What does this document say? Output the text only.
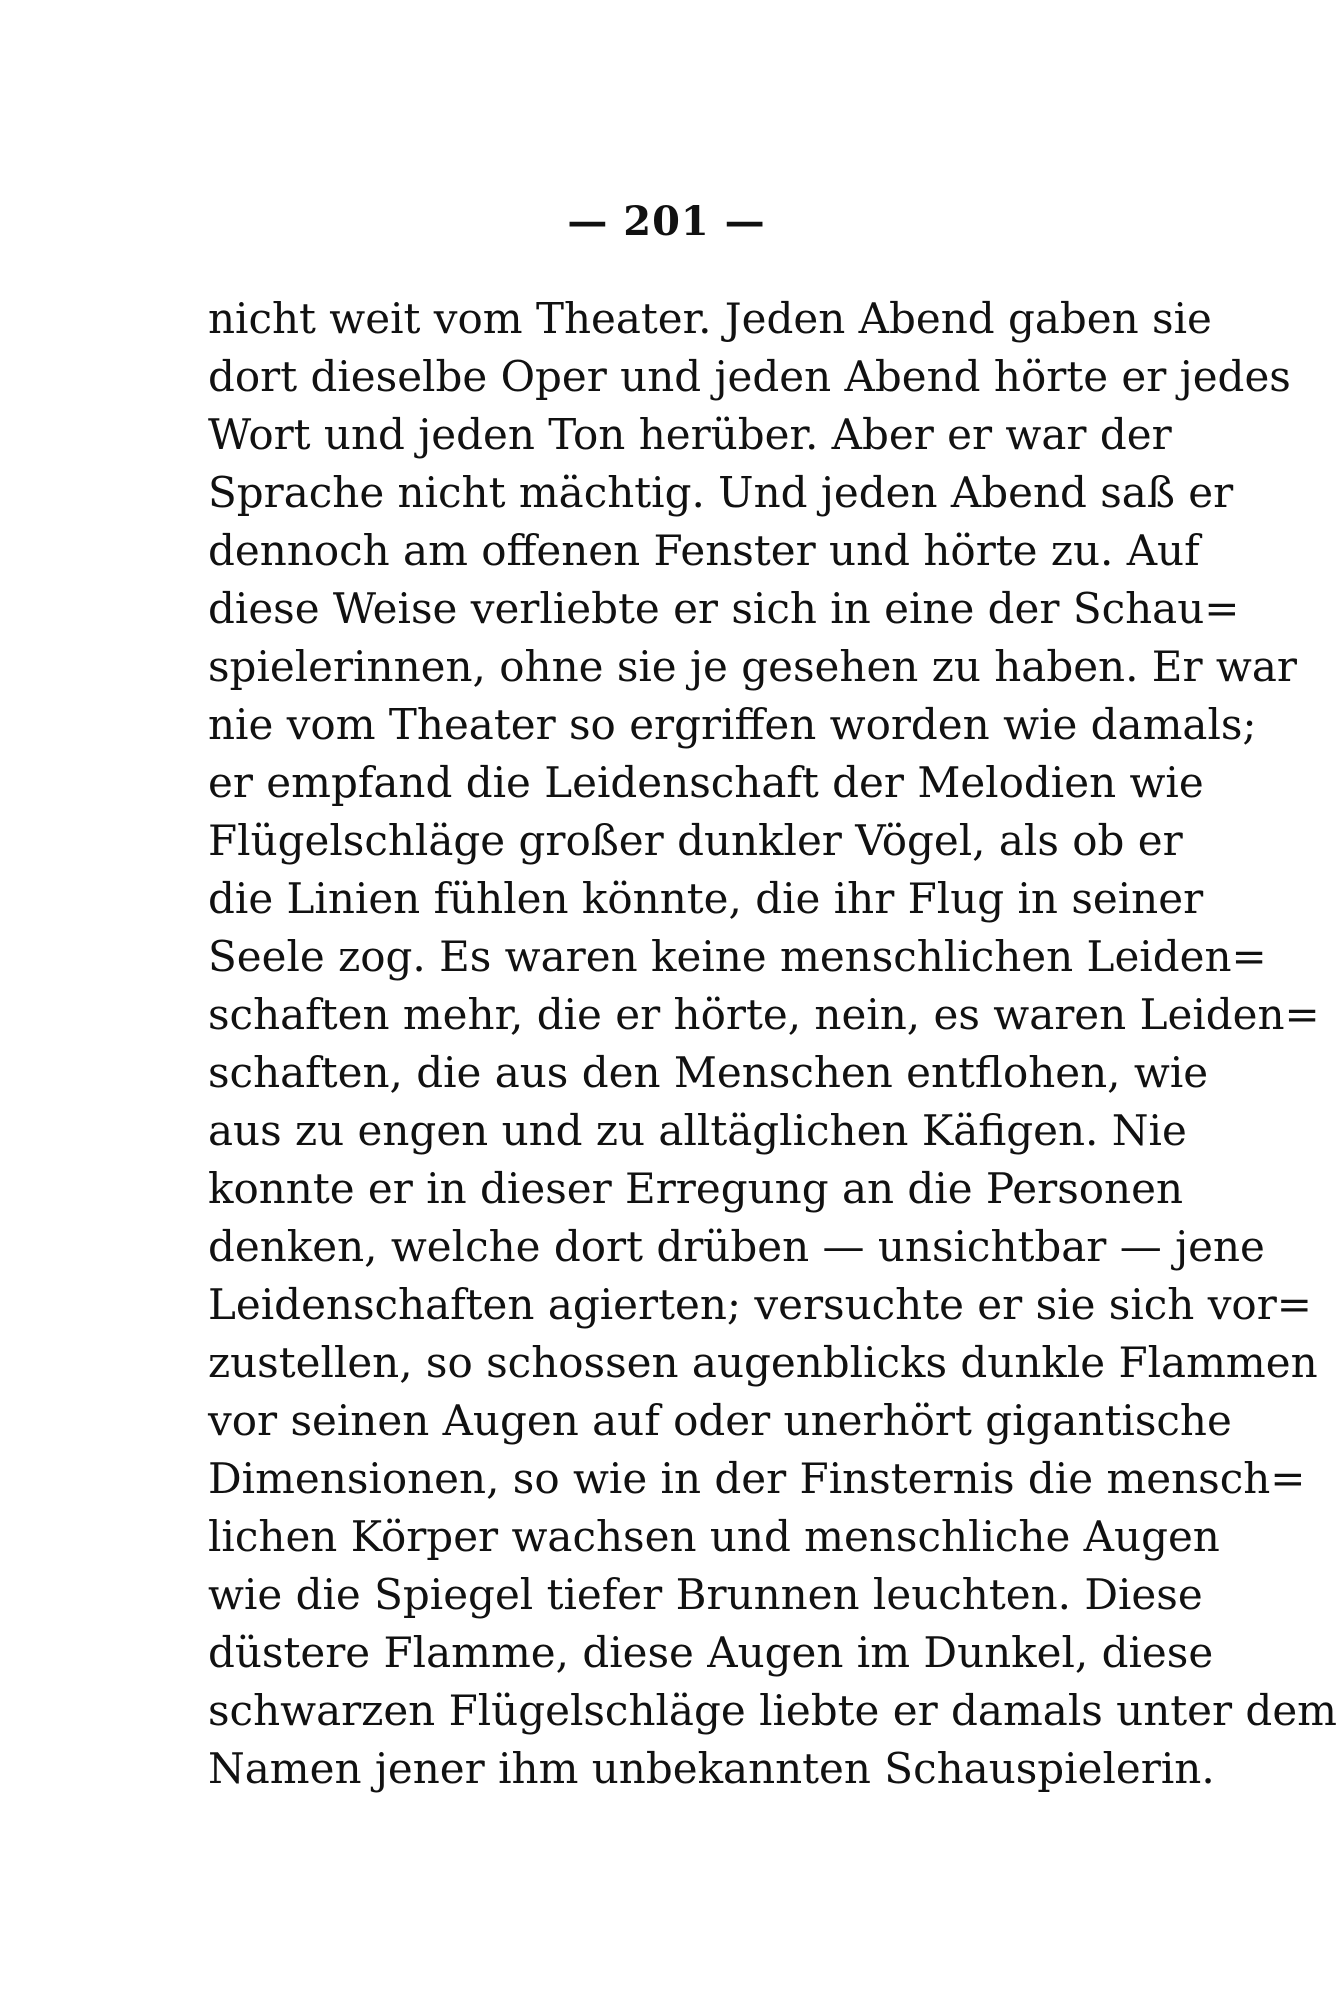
— 201 —
nicht weit vom Theater. Jeden Abend gaben sie
dort dieselbe Oper und jeden Abend hörte er jedes
Wort und jeden Ton herüber. Aber er war der
Sprache nicht mächtig. Und jeden Abend saß er
dennoch am offenen Fenster und hörte zu. Auf
diese Weise verliebte er sich in eine der Schau=
spielerinnen, ohne sie je gesehen zu haben. Er war
nie vom Theater so ergriffen worden wie damals;
er empfand die Leidenschaft der Melodien wie
Flügelschläge großer dunkler Vögel, als ob er
die Linien fühlen könnte, die ihr Flug in seiner
Seele zog. Es waren keine menschlichen Leiden=
schaften mehr, die er hörte, nein, es waren Leiden=
schaften, die aus den Menschen entflohen, wie
aus zu engen und zu alltäglichen Käfigen. Nie
konnte er in dieser Erregung an die Personen
denken, welche dort drüben — unsichtbar — jene
Leidenschaften agierten; versuchte er sie sich vor=
zustellen, so schossen augenblicks dunkle Flammen
vor seinen Augen auf oder unerhört gigantische
Dimensionen, so wie in der Finsternis die mensch=
lichen Körper wachsen und menschliche Augen
wie die Spiegel tiefer Brunnen leuchten. Diese
düstere Flamme, diese Augen im Dunkel, diese
schwarzen Flügelschläge liebte er damals unter dem
Namen jener ihm unbekannten Schauspielerin.
